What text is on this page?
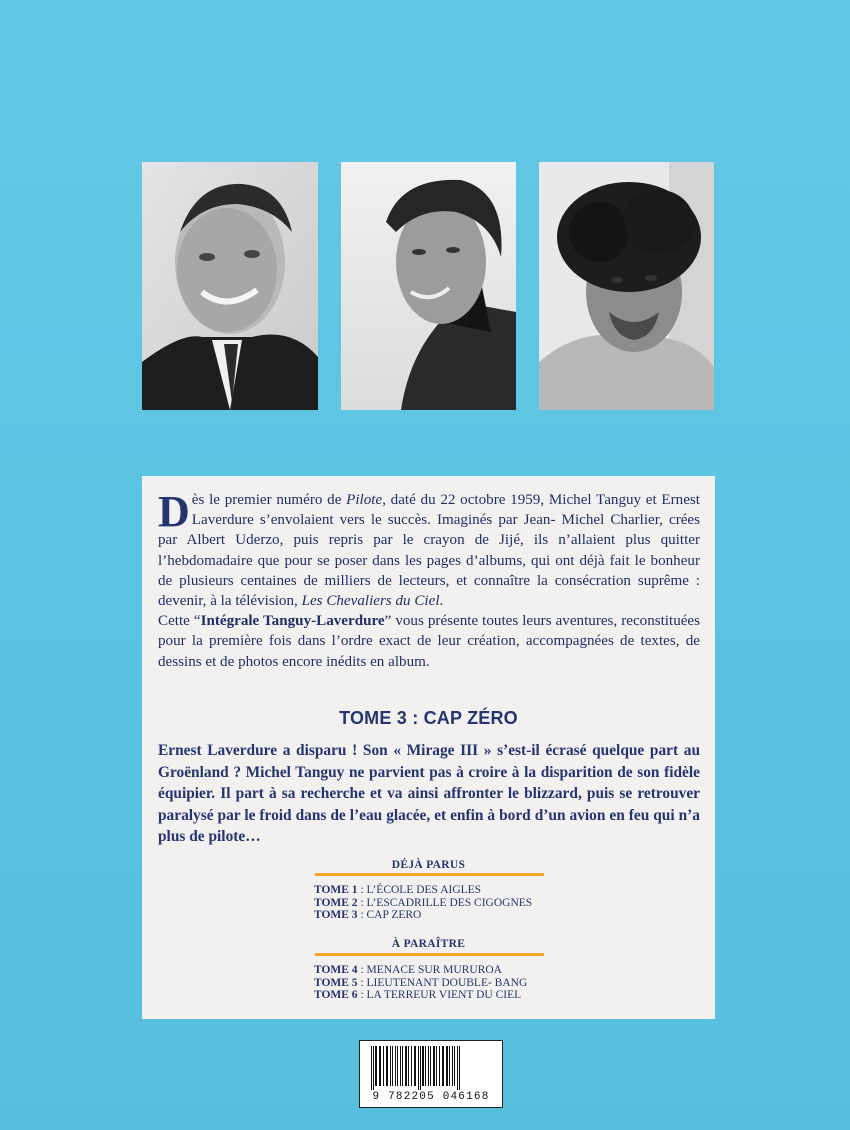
Dès le premier numéro de Pilote, daté du 22 octobre 1959, Michel Tanguy et Ernest Laverdure s’envolaient vers le succès. Imaginés par Jean- Michel Charlier, crées par Albert Uderzo, puis repris par le crayon de Jijé, ils n’allaient plus quitter l’hebdomadaire que pour se poser dans les pages d’albums, qui ont déjà fait le bonheur de plusieurs centaines de milliers de lecteurs, et connaître la consécration suprême : devenir, à la télévision, Les Chevaliers du Ciel.
Cette “Intégrale Tanguy-Laverdure” vous présente toutes leurs aventures, reconstituées pour la première fois dans l’ordre exact de leur création, accompagnées de textes, de dessins et de photos encore inédits en album.
TOME 3 : CAP ZÉRO
Ernest Laverdure a disparu ! Son « Mirage III » s’est-il écrasé quelque part au Groënland ? Michel Tanguy ne parvient pas à croire à la disparition de son fidèle équipier. Il part à sa recherche et va ainsi affronter le blizzard, puis se retrouver paralysé par le froid dans de l’eau glacée, et enfin à bord d’un avion en feu qui n’a plus de pilote…
DÉJÀ PARUS
TOME 1 : L’ÉCOLE DES AIGLES
TOME 2 : L’ESCADRILLE DES CIGOGNES
TOME 3 : CAP ZERO
À PARAÎTRE
TOME 4 : MENACE SUR MURUROA
TOME 5 : LIEUTENANT DOUBLE- BANG
TOME 6 : LA TERREUR VIENT DU CIEL
9 782205 046168
